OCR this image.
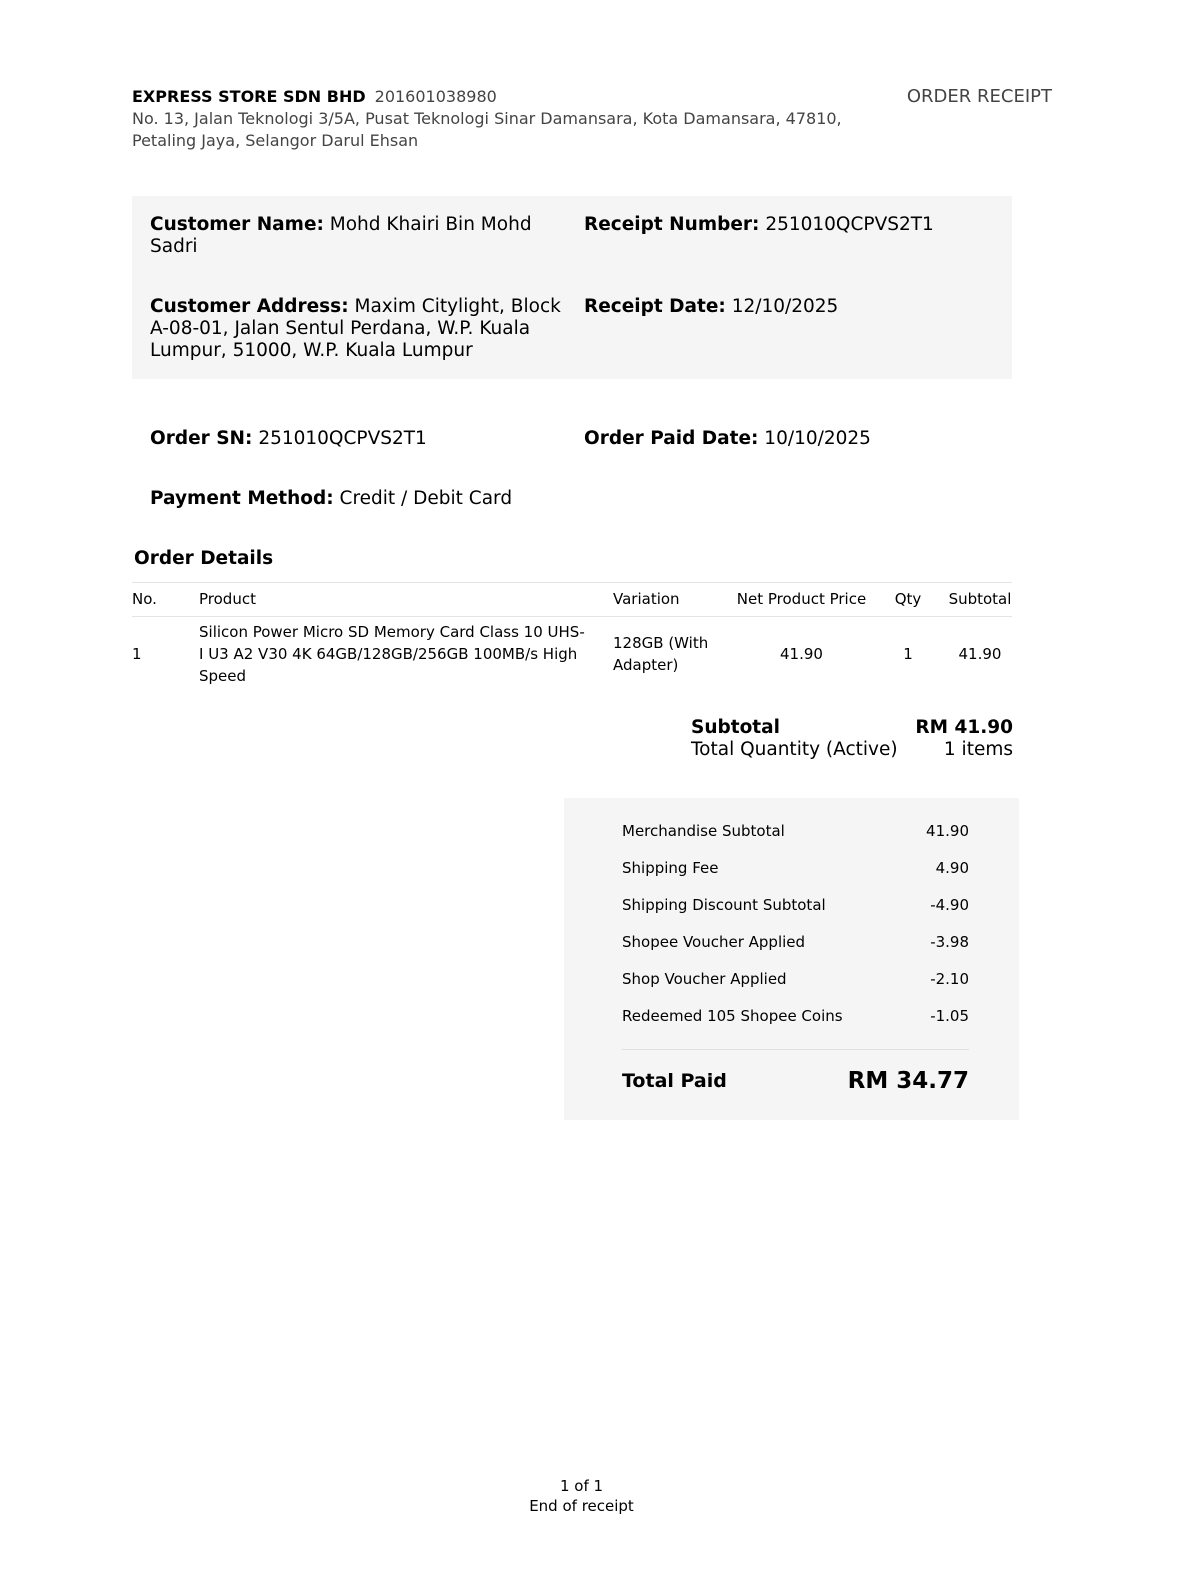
EXPRESS STORE SDN BHD 201601038980
No. 13, Jalan Teknologi 3/5A, Pusat Teknologi Sinar Damansara, Kota Damansara, 47810, Petaling Jaya, Selangor Darul Ehsan
ORDER RECEIPT
Customer Name: Mohd Khairi Bin Mohd Sadri
Receipt Number: 251010QCPVS2T1
Customer Address: Maxim Citylight, Block A-08-01, Jalan Sentul Perdana, W.P. Kuala Lumpur, 51000, W.P. Kuala Lumpur
Receipt Date: 12/10/2025
Order SN: 251010QCPVS2T1	Order Paid Date: 10/10/2025
Payment Method: Credit / Debit Card
Order Details
No.	Product	Variation	Net Product Price	Qty	Subtotal
1	Silicon Power Micro SD Memory Card Class 10 UHS-I U3 A2 V30 4K 64GB/128GB/256GB 100MB/s High Speed	128GB (With Adapter)	41.90	1	41.90
Subtotal	RM 41.90
Total Quantity (Active)	1 items
Merchandise Subtotal	41.90
Shipping Fee	4.90
Shipping Discount Subtotal	-4.90
Shopee Voucher Applied	-3.98
Shop Voucher Applied	-2.10
Redeemed 105 Shopee Coins	-1.05
Total Paid	RM 34.77
1 of 1
End of receipt
